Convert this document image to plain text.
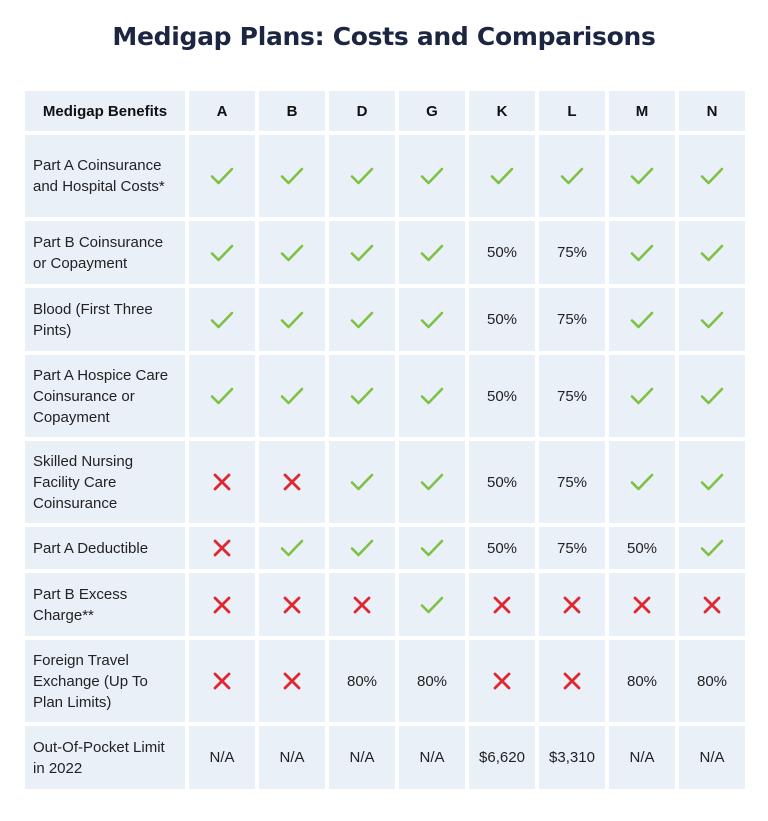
Medigap Plans: Costs and Comparisons
Medigap Benefits	A	B	D	G	K	L	M	N
Part A Coinsurance and Hospital Costs*								
Part B Coinsurance or Copayment					50%	75%		
Blood (First Three Pints)					50%	75%		
Part A Hospice Care Coinsurance or Copayment					50%	75%		
Skilled Nursing Facility Care Coinsurance					50%	75%		
Part A Deductible					50%	75%	50%	
Part B Excess Charge**								
Foreign Travel Exchange (Up To Plan Limits)			80%	80%			80%	80%
Out-Of-Pocket Limit in 2022	N/A	N/A	N/A	N/A	$6,620	$3,310	N/A	N/A
